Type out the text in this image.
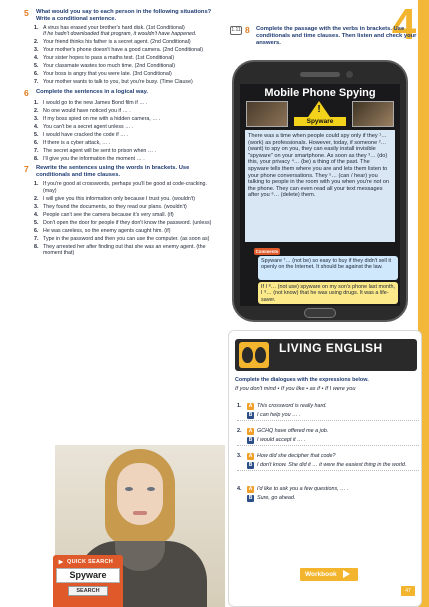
4
5	What would you say to each person in the following situations? Write a conditional sentence.
1. A virus has erased your brother's hard disk. (1st Conditional)
If he hadn't downloaded that program, it wouldn't have happened.
2. Your friend thinks his father is a secret agent. (2nd Conditional)
3. Your mother's phone doesn't have a good camera. (2nd Conditional)
4. Your sister hopes to pass a maths test. (1st Conditional)
5. Your classmate wastes too much time. (2nd Conditional)
6. Your boss is angry that you were late. (3rd Conditional)
7. Your mother wants to talk to you, but you're busy. (Time Clause)
6	Complete the sentences in a logical way.
1. I would go to the new James Bond film if … .
2. No one would have noticed you if … .
3. If my boss spied on me with a hidden camera, … .
4. You can't be a secret agent unless … .
5. I would have cracked the code if … .
6. If there is a cyber attack, … .
7. The secret agent will be sent to prison when … .
8. I'll give you the information the moment … .
7	Rewrite the sentences using the words in brackets. Use conditionals and time clauses.
1. If you're good at crosswords, perhaps you'll be good at code-cracking. (may)
2. I will give you this information only because I trust you. (wouldn't)
3. They found the documents, so they read our plans. (wouldn't)
4. People can't see the camera because it's very small. (if)
5. Don't open the door for people if they don't know the password. (unless)
6. He was careless, so the enemy agents caught him. (if)
7. Type in the password and then you can use the computer. (as soon as)
8. They arrested her after finding out that she was an enemy agent. (the moment that)
QUICK SEARCH
Spyware
SEARCH
1.11 8	Complete the passage with the verbs in brackets. Use conditionals and time clauses. Then listen and check your answers.
Mobile Phone Spying
!
Spyware
There was a time when people could spy only if they ¹… (work) as professionals. However, today, if someone ²… (want) to spy on you, they can easily install invisible "spyware" on your smartphone. As soon as they ³… (do) this, your privacy ⁴… (be) a thing of the past. The spyware tells them where you are and lets them listen to your phone conversations. They ⁵… (can / hear) you talking to people in the room with you when you're not on the phone. They can even read all your text messages after you ⁶… (delete) them.
Comments
Spyware ⁷… (not be) so easy to buy if they didn't sell it openly on the Internet. It should be against the law.
If I ⁸… (not use) spyware on my son's phone last month, I ⁹… (not know) that he was using drugs. It was a life-saver.
LIVING ENGLISH
Complete the dialogues with the expressions below.
If you don't mind • If you like • as if • If I were you
1.	A This crossword is really hard.
B I can help you … .
2.	A GCHQ have offered me a job.
B I would accept it … .
3.	A How did she decipher that code?
B I don't know. She did it … it were the easiest thing in the world.
4.	A I'd like to ask you a few questions, … .
B Sure, go ahead.
Workbook
47
